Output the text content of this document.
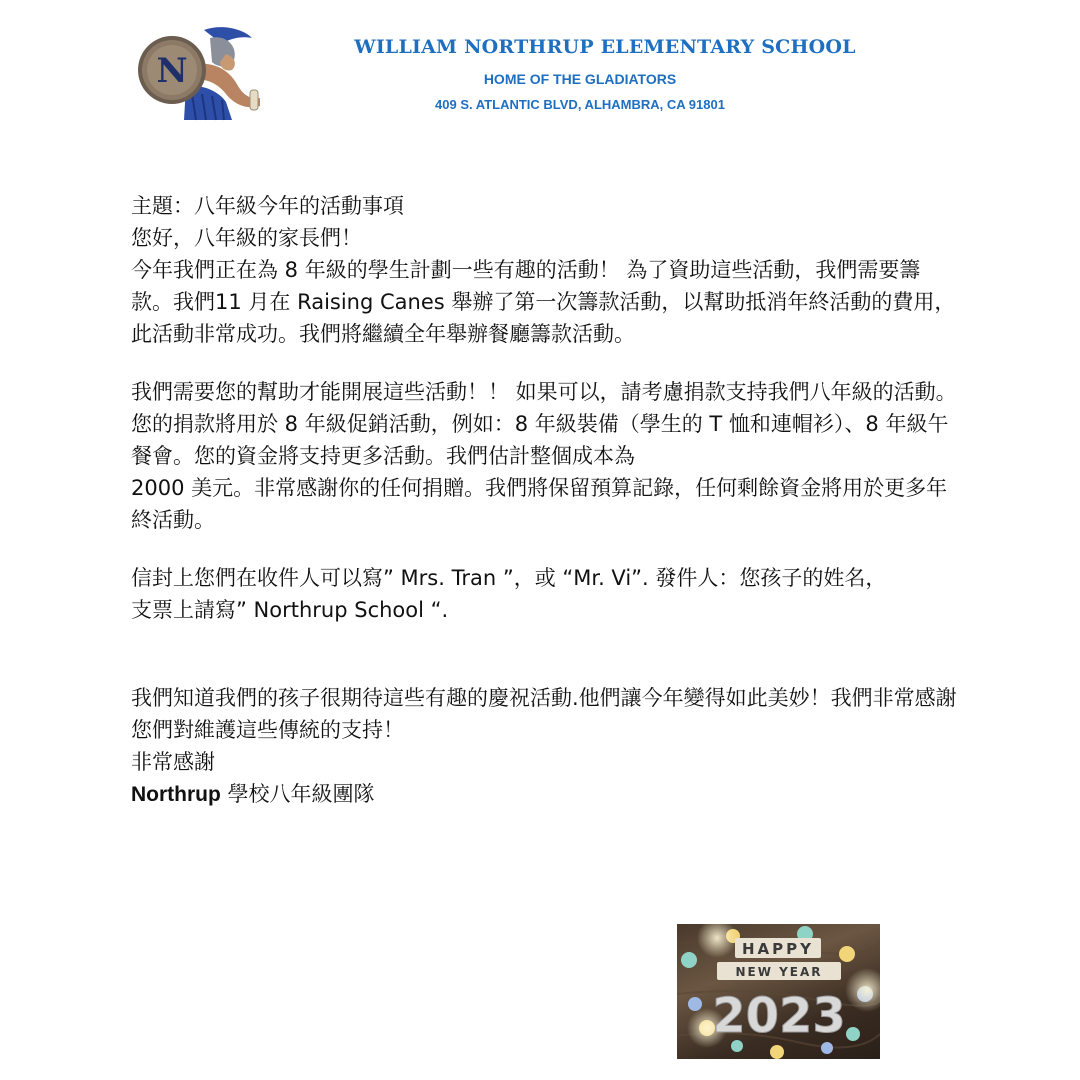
N
WILLIAM NORTHRUP ELEMENTARY SCHOOL
HOME OF THE GLADIATORS
409 S. ATLANTIC BLVD, ALHAMBRA, CA 91801

主題：八年級今年的活動事項

您好，八年級的家長們！

今年我們正在為 8 年級的學生計劃一些有趣的活動！ 為了資助這些活動，我們需要籌款。我們11 月在 Raising Canes 舉辦了第一次籌款活動，以幫助抵消年終活動的費用，此活動非常成功。我們將繼續全年舉辦餐廳籌款活動。

我們需要您的幫助才能開展這些活動！！ 如果可以，請考慮捐款支持我們八年級的活動。您的捐款將用於 8 年級促銷活動，例如：8 年級裝備（學生的 T 恤和連帽衫）、8 年級午餐會。您的資金將支持更多活動。我們估計整個成本為

2000 美元。非常感謝你的任何捐贈。我們將保留預算記錄，任何剩餘資金將用於更多年終活動。

信封上您們在收件人可以寫” Mrs. Tran ”，或 “Mr. Vi”. 發件人：您孩子的姓名，

支票上請寫” Northrup School “.

我們知道我們的孩子很期待這些有趣的慶祝活動.他們讓今年變得如此美妙！我們非常感謝您們對維護這些傳統的支持！

非常感謝

Northrup 學校八年級團隊

HAPPY
NEW YEAR
2023
